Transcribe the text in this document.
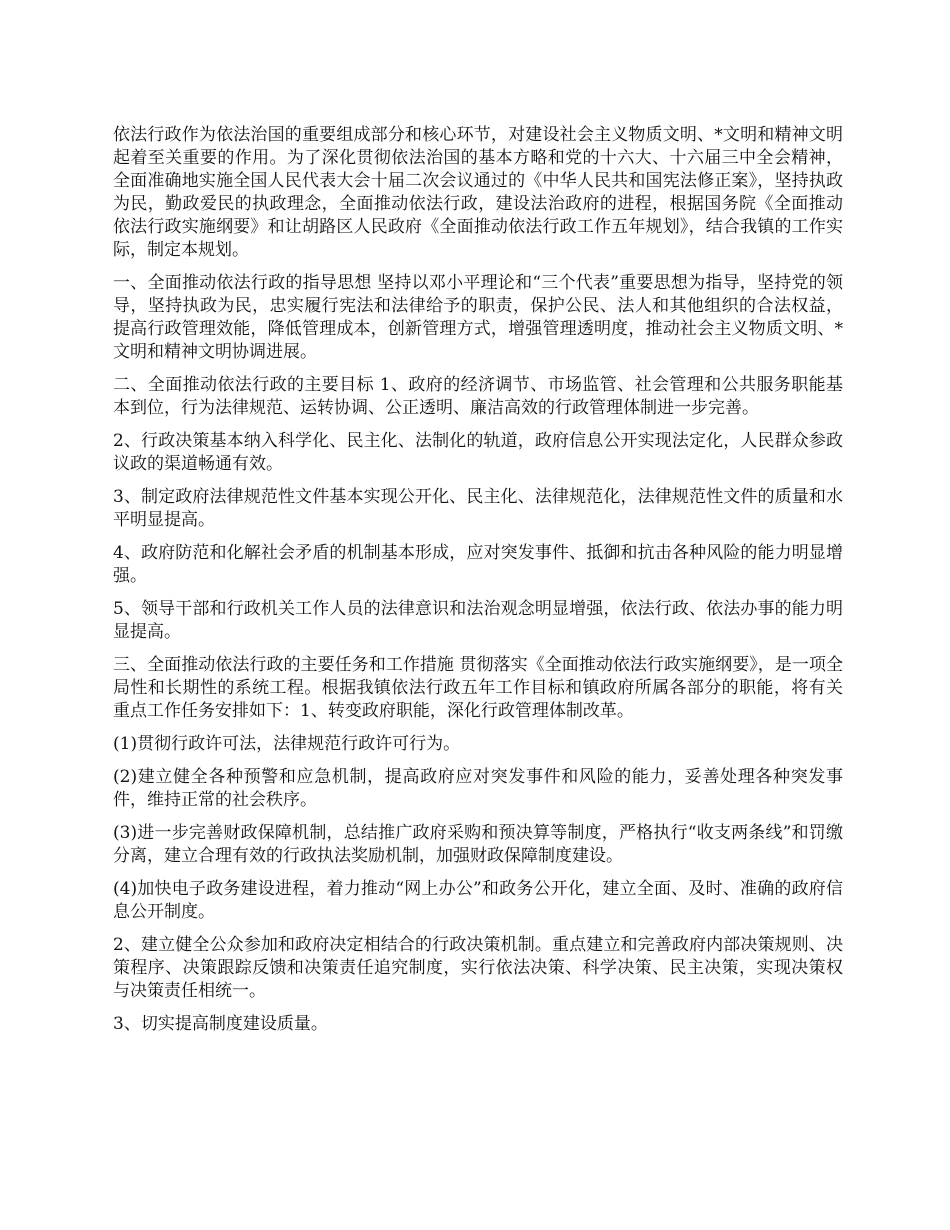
依法行政作为依法治国的重要组成部分和核心环节，对建设社会主义物质文明、*文明和精神文明起着至关重要的作用。为了深化贯彻依法治国的基本方略和党的十六大、十六届三中全会精神，全面准确地实施全国人民代表大会十届二次会议通过的《中华人民共和国宪法修正案》，坚持执政为民，勤政爱民的执政理念，全面推动依法行政，建设法治政府的进程，根据国务院《全面推动依法行政实施纲要》和让胡路区人民政府《全面推动依法行政工作五年规划》，结合我镇的工作实际，制定本规划。

一、全面推动依法行政的指导思想 坚持以邓小平理论和“三个代表”重要思想为指导，坚持党的领导，坚持执政为民，忠实履行宪法和法律给予的职责，保护公民、法人和其他组织的合法权益，提高行政管理效能，降低管理成本，创新管理方式，增强管理透明度，推动社会主义物质文明、*文明和精神文明协调进展。

二、全面推动依法行政的主要目标 1、政府的经济调节、市场监管、社会管理和公共服务职能基本到位，行为法律规范、运转协调、公正透明、廉洁高效的行政管理体制进一步完善。

2、行政决策基本纳入科学化、民主化、法制化的轨道，政府信息公开实现法定化，人民群众参政议政的渠道畅通有效。

3、制定政府法律规范性文件基本实现公开化、民主化、法律规范化，法律规范性文件的质量和水平明显提高。

4、政府防范和化解社会矛盾的机制基本形成，应对突发事件、抵御和抗击各种风险的能力明显增强。

5、领导干部和行政机关工作人员的法律意识和法治观念明显增强，依法行政、依法办事的能力明显提高。

三、全面推动依法行政的主要任务和工作措施 贯彻落实《全面推动依法行政实施纲要》，是一项全局性和长期性的系统工程。根据我镇依法行政五年工作目标和镇政府所属各部分的职能，将有关重点工作任务安排如下：1、转变政府职能，深化行政管理体制改革。

(1)贯彻行政许可法，法律规范行政许可行为。

(2)建立健全各种预警和应急机制，提高政府应对突发事件和风险的能力，妥善处理各种突发事件，维持正常的社会秩序。

(3)进一步完善财政保障机制，总结推广政府采购和预决算等制度，严格执行“收支两条线”和罚缴分离，建立合理有效的行政执法奖励机制，加强财政保障制度建设。

(4)加快电子政务建设进程，着力推动“网上办公”和政务公开化，建立全面、及时、准确的政府信息公开制度。

2、建立健全公众参加和政府决定相结合的行政决策机制。重点建立和完善政府内部决策规则、决策程序、决策跟踪反馈和决策责任追究制度，实行依法决策、科学决策、民主决策，实现决策权与决策责任相统一。

3、切实提高制度建设质量。
